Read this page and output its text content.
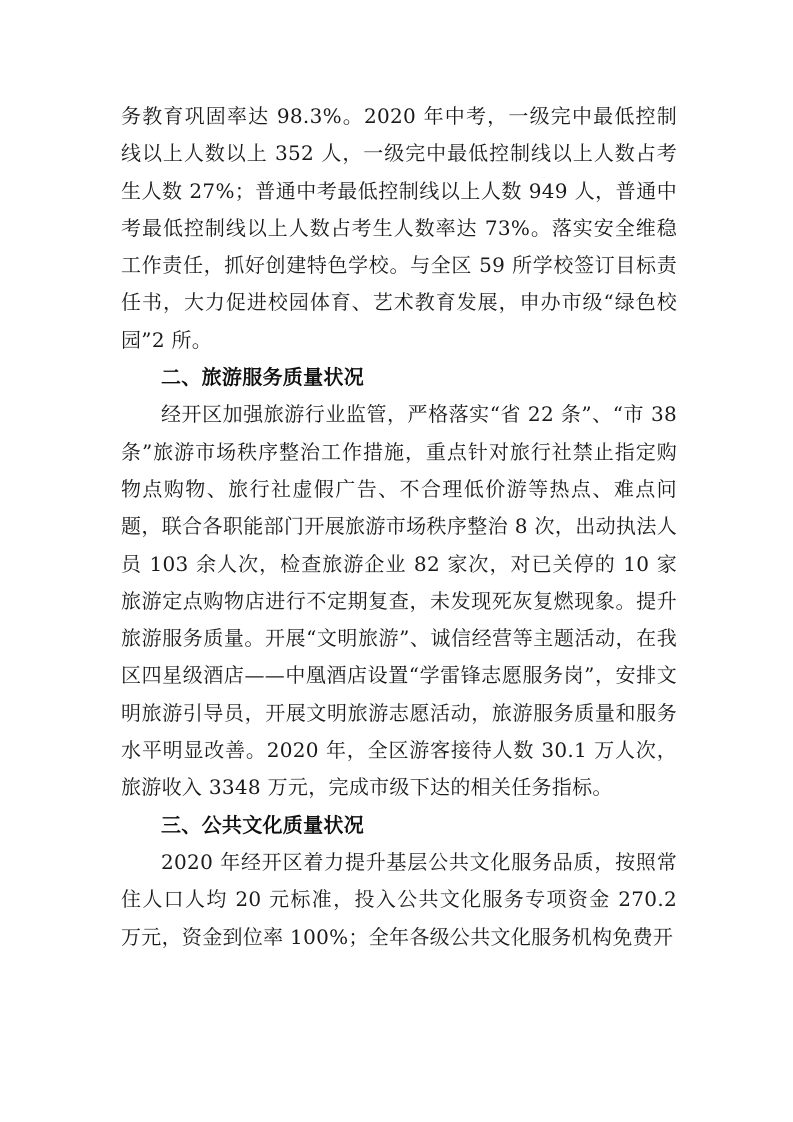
务教育巩固率达 98.3%。2020 年中考，一级完中最低控制线以上人数以上 352 人，一级完中最低控制线以上人数占考生人数 27%；普通中考最低控制线以上人数 949 人，普通中考最低控制线以上人数占考生人数率达 73%。落实安全维稳工作责任，抓好创建特色学校。与全区 59 所学校签订目标责任书，大力促进校园体育、艺术教育发展，申办市级“绿色校园”2 所。

二、旅游服务质量状况

经开区加强旅游行业监管，严格落实“省 22 条”、“市 38 条”旅游市场秩序整治工作措施，重点针对旅行社禁止指定购物点购物、旅行社虚假广告、不合理低价游等热点、难点问题，联合各职能部门开展旅游市场秩序整治 8 次，出动执法人员 103 余人次，检查旅游企业 82 家次，对已关停的 10 家旅游定点购物店进行不定期复查，未发现死灰复燃现象。提升旅游服务质量。开展“文明旅游”、诚信经营等主题活动，在我区四星级酒店——中凰酒店设置“学雷锋志愿服务岗”，安排文明旅游引导员，开展文明旅游志愿活动，旅游服务质量和服务水平明显改善。2020 年，全区游客接待人数 30.1 万人次，旅游收入 3348 万元，完成市级下达的相关任务指标。

三、公共文化质量状况

2020 年经开区着力提升基层公共文化服务品质，按照常住人口人均 20 元标准，投入公共文化服务专项资金 270.2 万元，资金到位率 100%；全年各级公共文化服务机构免费开
